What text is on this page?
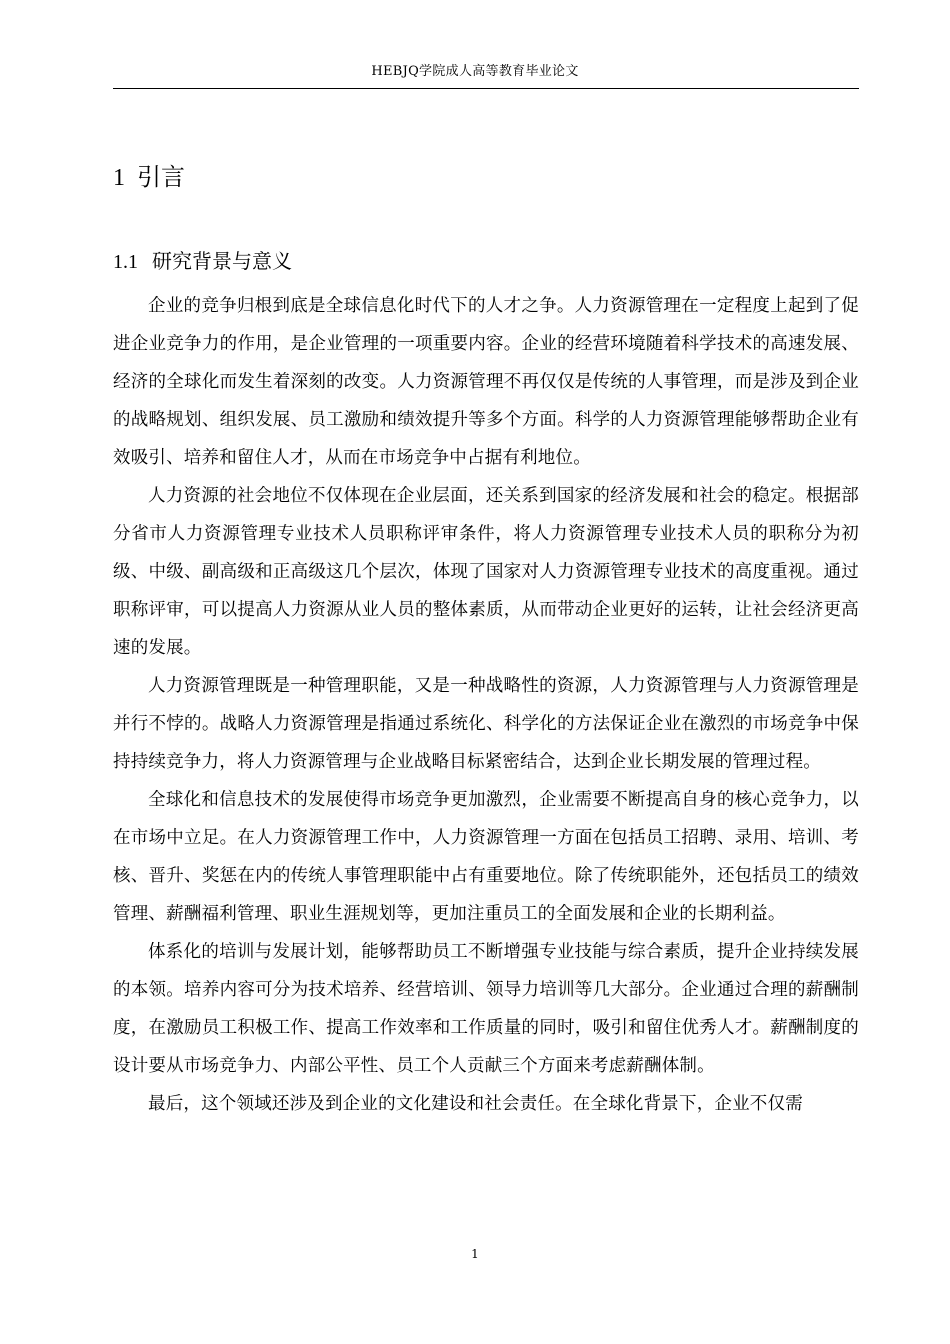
HEBJQ学院成人高等教育毕业论文
1 引言
1.1 研究背景与意义

企业的竞争归根到底是全球信息化时代下的人才之争。人力资源管理在一定程度上起到了促进企业竞争力的作用，是企业管理的一项重要内容。企业的经营环境随着科学技术的高速发展、经济的全球化而发生着深刻的改变。人力资源管理不再仅仅是传统的人事管理，而是涉及到企业的战略规划、组织发展、员工激励和绩效提升等多个方面。科学的人力资源管理能够帮助企业有效吸引、培养和留住人才，从而在市场竞争中占据有利地位。

人力资源的社会地位不仅体现在企业层面，还关系到国家的经济发展和社会的稳定。根据部分省市人力资源管理专业技术人员职称评审条件，将人力资源管理专业技术人员的职称分为初级、中级、副高级和正高级这几个层次，体现了国家对人力资源管理专业技术的高度重视。通过职称评审，可以提高人力资源从业人员的整体素质，从而带动企业更好的运转，让社会经济更高速的发展。

人力资源管理既是一种管理职能，又是一种战略性的资源，人力资源管理与人力资源管理是并行不悖的。战略人力资源管理是指通过系统化、科学化的方法保证企业在激烈的市场竞争中保持持续竞争力，将人力资源管理与企业战略目标紧密结合，达到企业长期发展的管理过程。

全球化和信息技术的发展使得市场竞争更加激烈，企业需要不断提高自身的核心竞争力，以在市场中立足。在人力资源管理工作中，人力资源管理一方面在包括员工招聘、录用、培训、考核、晋升、奖惩在内的传统人事管理职能中占有重要地位。除了传统职能外，还包括员工的绩效管理、薪酬福利管理、职业生涯规划等，更加注重员工的全面发展和企业的长期利益。

体系化的培训与发展计划，能够帮助员工不断增强专业技能与综合素质，提升企业持续发展的本领。培养内容可分为技术培养、经营培训、领导力培训等几大部分。企业通过合理的薪酬制度，在激励员工积极工作、提高工作效率和工作质量的同时，吸引和留住优秀人才。薪酬制度的设计要从市场竞争力、内部公平性、员工个人贡献三个方面来考虑薪酬体制。

最后，这个领域还涉及到企业的文化建设和社会责任。在全球化背景下，企业不仅需

1
